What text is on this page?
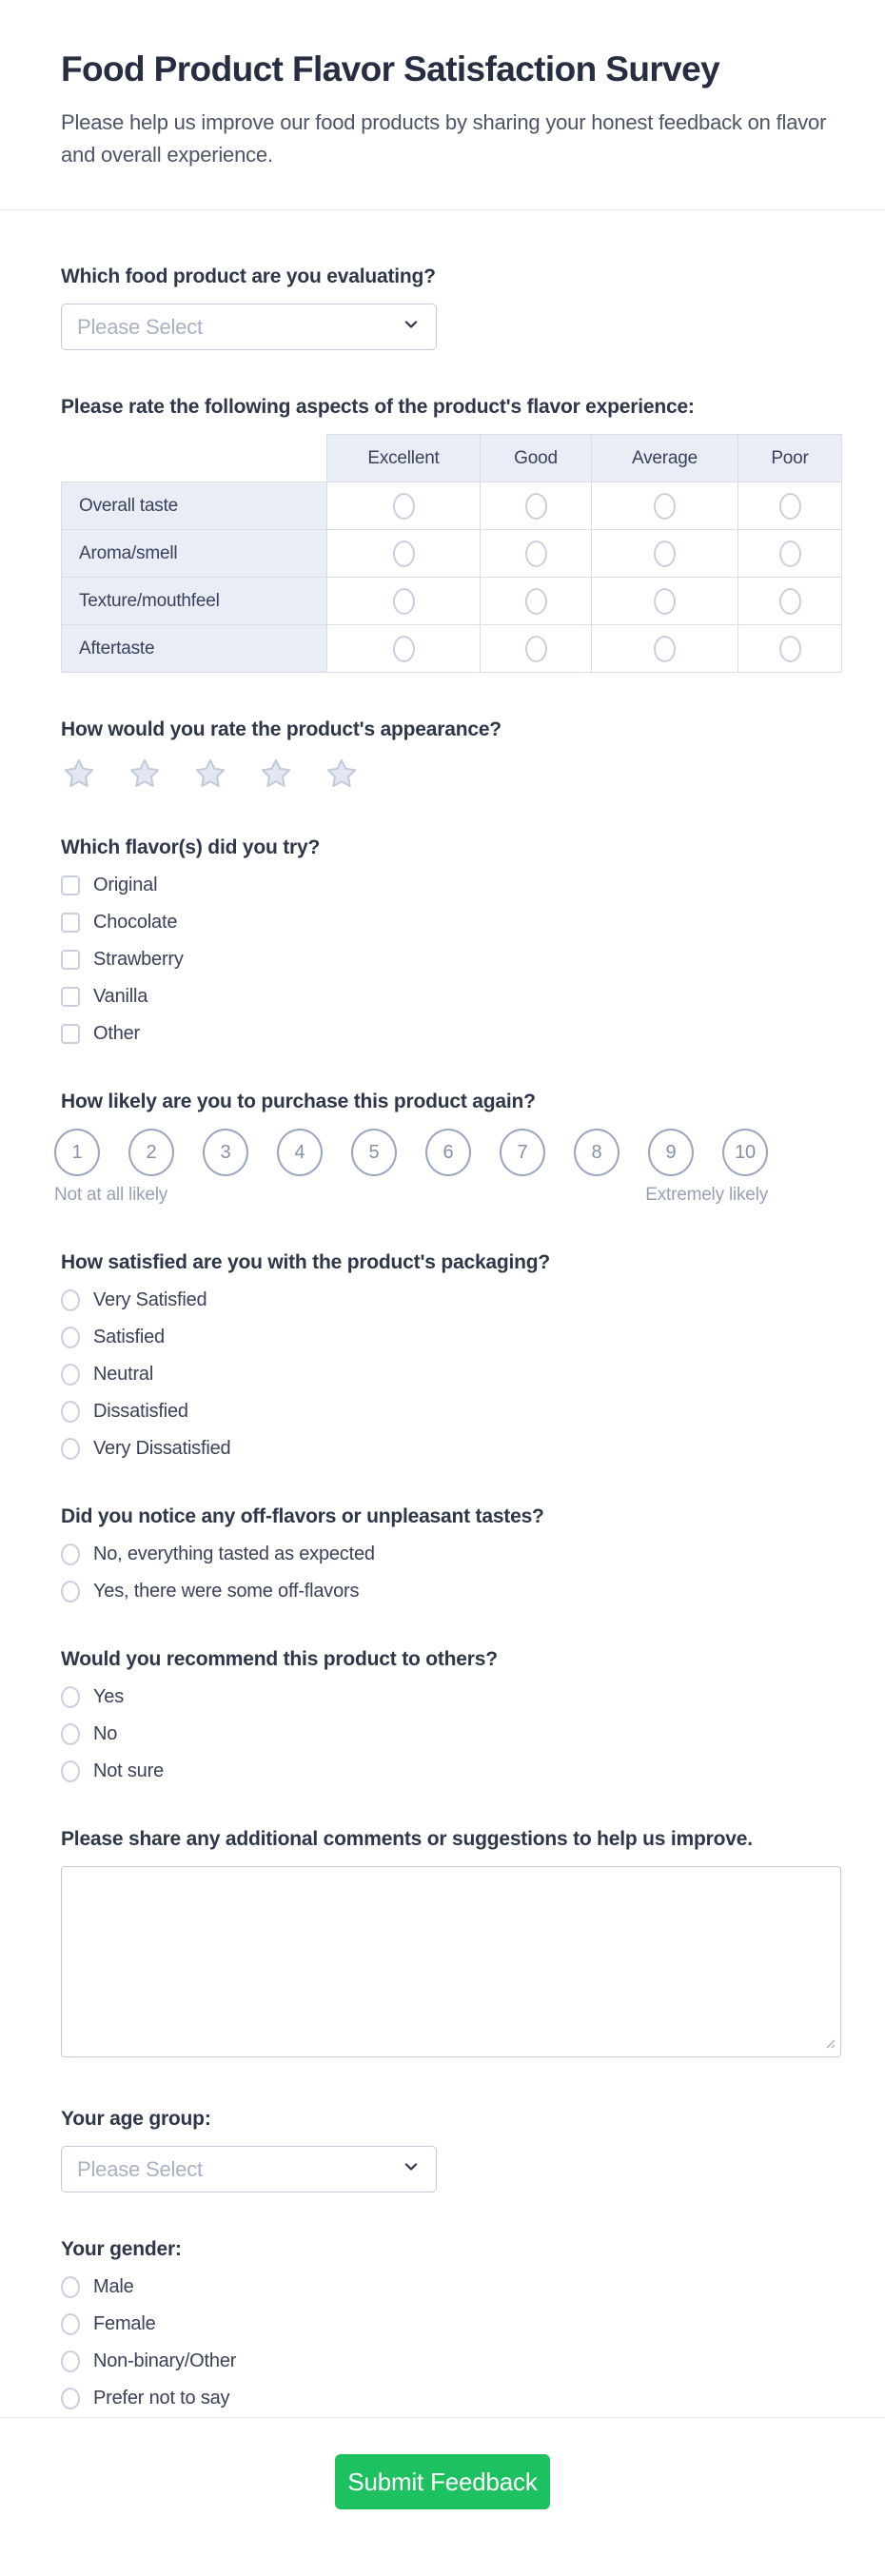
Food Product Flavor Satisfaction Survey

Please help us improve our food products by sharing your honest feedback on flavor and overall experience.

Which food product are you evaluating?

Please Select

Please rate the following aspects of the product's flavor experience:

	Excellent	Good	Average	Poor
Overall taste				
Aroma/smell				
Texture/mouthfeel				
Aftertaste				

How would you rate the product's appearance?

Which flavor(s) did you try?

Original
Chocolate
Strawberry
Vanilla
Other

How likely are you to purchase this product again?

1	2	3	4	5	6	7	8	9	10
Not at all likely	Extremely likely

How satisfied are you with the product's packaging?

Very Satisfied
Satisfied
Neutral
Dissatisfied
Very Dissatisfied

Did you notice any off-flavors or unpleasant tastes?

No, everything tasted as expected
Yes, there were some off-flavors

Would you recommend this product to others?

Yes
No
Not sure

Please share any additional comments or suggestions to help us improve.

Your age group:

Please Select

Your gender:

Male
Female
Non-binary/Other
Prefer not to say
Submit Feedback
